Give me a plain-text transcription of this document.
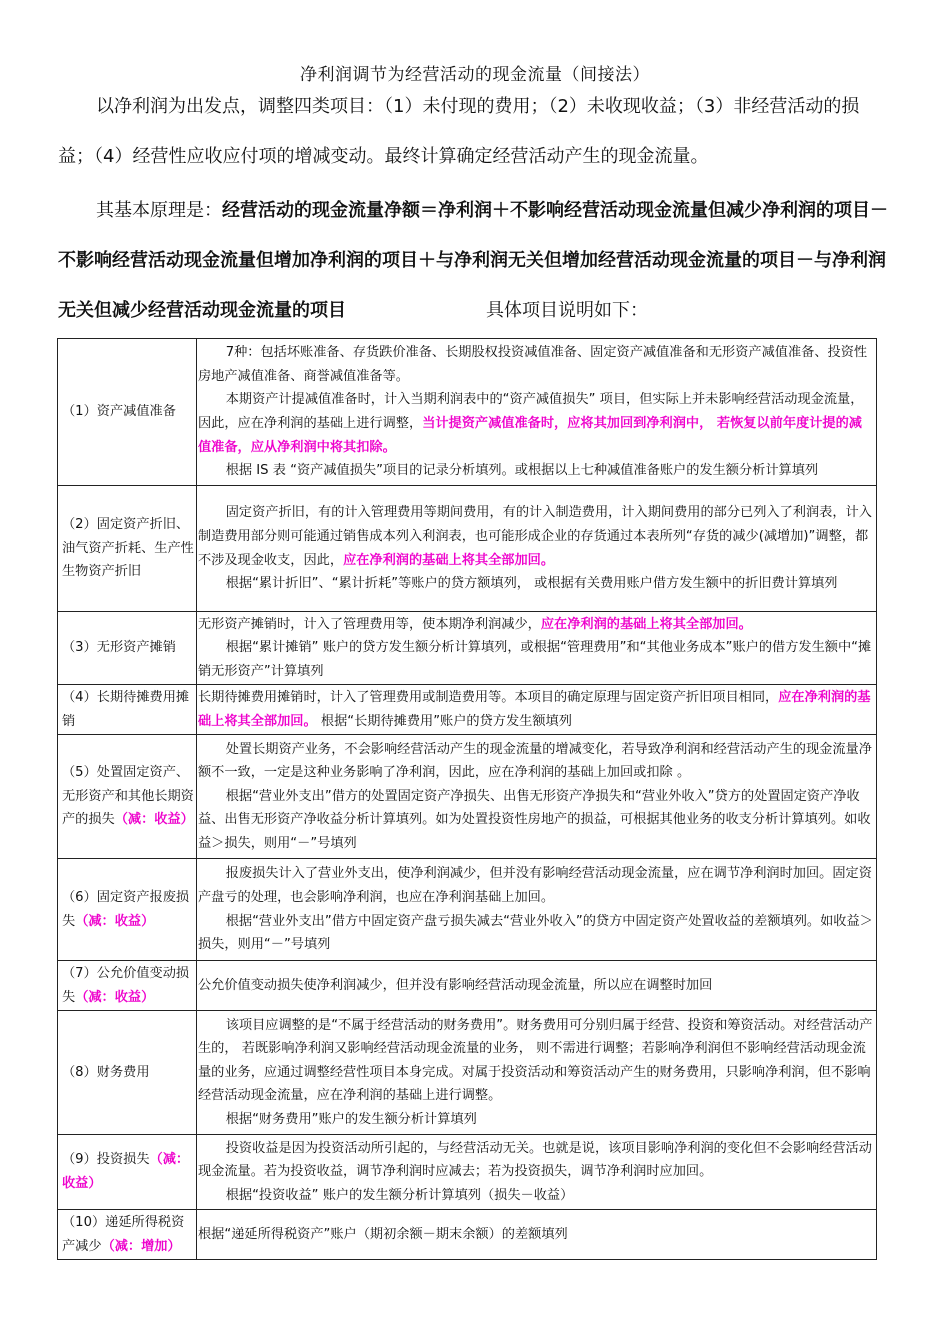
净利润调节为经营活动的现金流量（间接法）
以净利润为出发点，调整四类项目：（1）未付现的费用；（2）未收现收益；（3）非经营活动的损益；（4）经营性应收应付项的增减变动。最终计算确定经营活动产生的现金流量。
其基本原理是：经营活动的现金流量净额＝净利润＋不影响经营活动现金流量但减少净利润的项目－不影响经营活动现金流量但增加净利润的项目＋与净利润无关但增加经营活动现金流量的项目－与净利润无关但减少经营活动现金流量的项目	具体项目说明如下：
（1）资产减值准备	7种：包括坏账准备、存货跌价准备、长期股权投资减值准备、固定资产减值准备和无形资产减值准备、投资性房地产减值准备、商誉减值准备等。

本期资产计提减值准备时，计入当期利润表中的“资产减值损失” 项目，但实际上并未影响经营活动现金流量，因此，应在净利润的基础上进行调整，当计提资产减值准备时，应将其加回到净利润中， 若恢复以前年度计提的减值准备，应从净利润中将其扣除。

根据 IS 表 “资产减值损失”项目的记录分析填列。或根据以上七种减值准备账户的发生额分析计算填列

（2）固定资产折旧、油气资产折耗、生产性生物资产折旧	固定资产折旧，有的计入管理费用等期间费用，有的计入制造费用，计入期间费用的部分已列入了利润表，计入制造费用部分则可能通过销售成本列入利润表，也可能形成企业的存货通过本表所列“存货的减少(减增加)”调整，都不涉及现金收支，因此，应在净利润的基础上将其全部加回。

根据“累计折旧”、“累计折耗”等账户的贷方额填列， 或根据有关费用账户借方发生额中的折旧费计算填列

（3）无形资产摊销	无形资产摊销时，计入了管理费用等，使本期净利润减少，应在净利润的基础上将其全部加回。

根据“累计摊销” 账户的贷方发生额分析计算填列，或根据“管理费用”和“其他业务成本”账户的借方发生额中“摊销无形资产”计算填列

（4）长期待摊费用摊销	长期待摊费用摊销时，计入了管理费用或制造费用等。本项目的确定原理与固定资产折旧项目相同，应在净利润的基础上将其全部加回。 根据“长期待摊费用”账户的贷方发生额填列

（5）处置固定资产、无形资产和其他长期资产的损失（减：收益）	处置长期资产业务，不会影响经营活动产生的现金流量的增减变化，若导致净利润和经营活动产生的现金流量净额不一致，一定是这种业务影响了净利润，因此，应在净利润的基础上加回或扣除 。

根据“营业外支出”借方的处置固定资产净损失、出售无形资产净损失和“营业外收入”贷方的处置固定资产净收益、出售无形资产净收益分析计算填列。如为处置投资性房地产的损益，可根据其他业务的收支分析计算填列。如收益＞损失，则用“－”号填列

（6）固定资产报废损失（减：收益）	报废损失计入了营业外支出，使净利润减少，但并没有影响经营活动现金流量，应在调节净利润时加回。固定资产盘亏的处理，也会影响净利润，也应在净利润基础上加回。

根据“营业外支出”借方中固定资产盘亏损失减去“营业外收入”的贷方中固定资产处置收益的差额填列。如收益＞损失，则用“－”号填列

（7）公允价值变动损失（减：收益）	公允价值变动损失使净利润减少，但并没有影响经营活动现金流量，所以应在调整时加回

（8）财务费用	该项目应调整的是“不属于经营活动的财务费用”。财务费用可分别归属于经营、投资和筹资活动。对经营活动产生的， 若既影响净利润又影响经营活动现金流量的业务， 则不需进行调整；若影响净利润但不影响经营活动现金流量的业务，应通过调整经营性项目本身完成。对属于投资活动和筹资活动产生的财务费用，只影响净利润，但不影响经营活动现金流量，应在净利润的基础上进行调整。

根据“财务费用”账户的发生额分析计算填列

（9）投资损失（减：收益）	投资收益是因为投资活动所引起的，与经营活动无关。也就是说，该项目影响净利润的变化但不会影响经营活动现金流量。若为投资收益，调节净利润时应减去；若为投资损失，调节净利润时应加回。

根据“投资收益” 账户的发生额分析计算填列（损失－收益）

（10）递延所得税资产减少（减：增加）	根据“递延所得税资产”账户（期初余额－期末余额）的差额填列
